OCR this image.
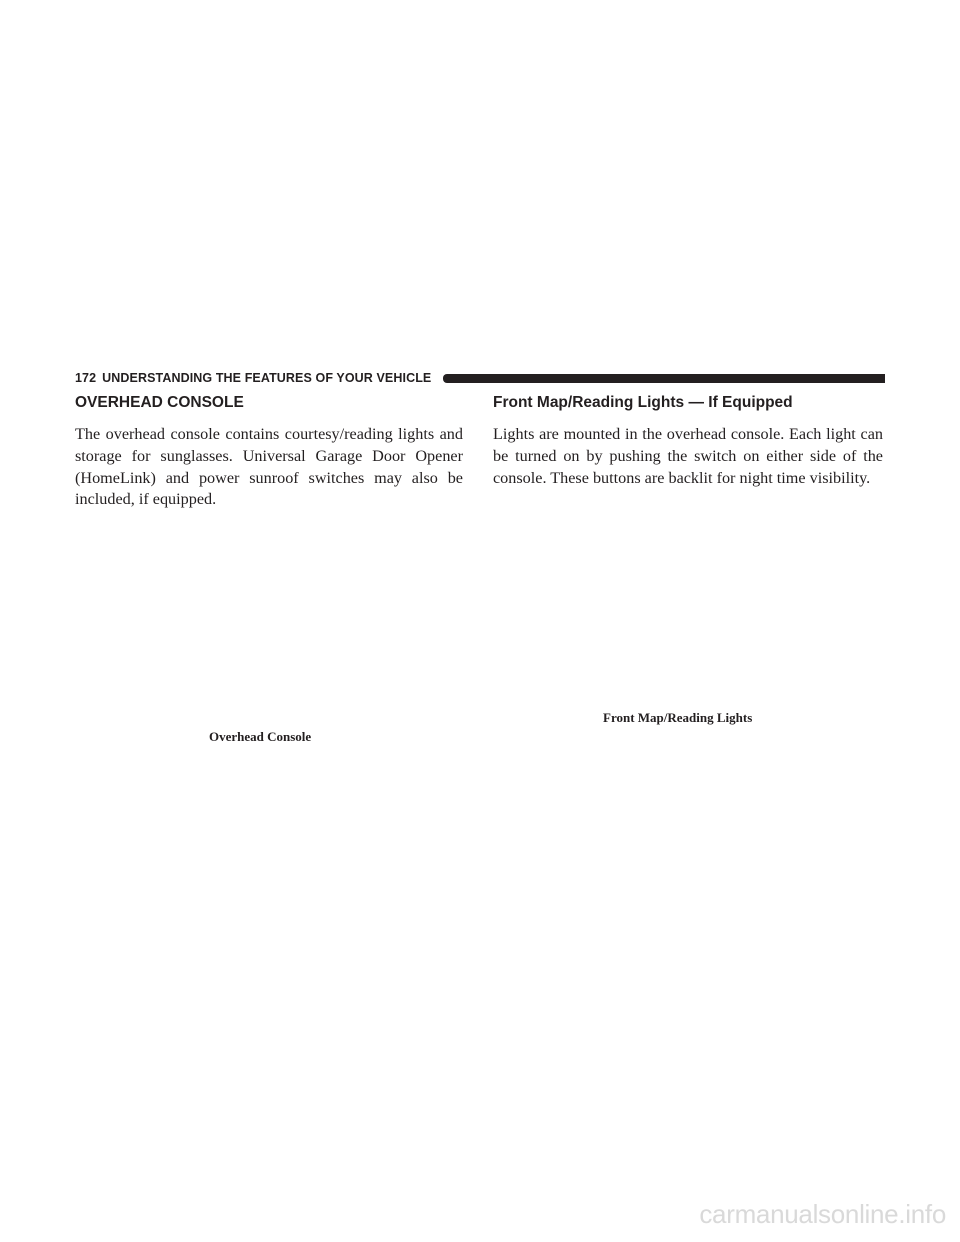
172 UNDERSTANDING THE FEATURES OF YOUR VEHICLE
OVERHEAD CONSOLE

The overhead console contains courtesy/reading lights and storage for sunglasses. Universal Garage Door Opener (HomeLink) and power sunroof switches may also be included, if equipped.

Front Map/Reading Lights — If Equipped

Lights are mounted in the overhead console. Each light can be turned on by pushing the switch on either side of the console. These buttons are backlit for night time visibility.

Front Map/Reading Lights
Overhead Console
carmanualsonline.info
